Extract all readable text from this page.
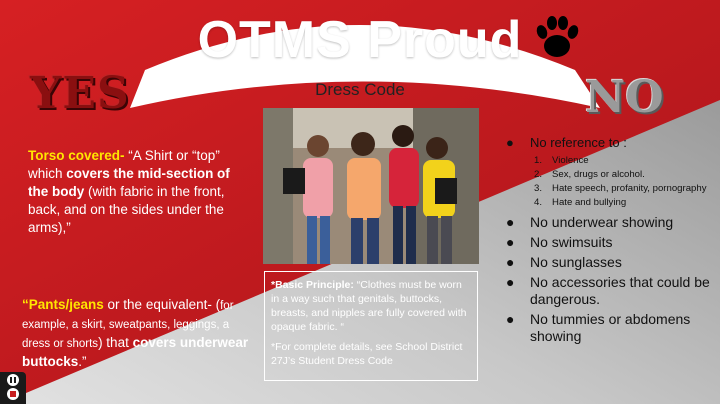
OTMS Proud
Dress Code
YES	NO
Torso covered- “A Shirt or “top” which covers the mid-section of the body (with fabric in the front, back, and on the sides under the arms),”
“Pants/jeans or the equivalent- (for example, a skirt, sweatpants, leggings, a dress or shorts) that covers underwear buttocks.”

*Basic Principle: “Clothes must be worn in a way such that genitals, buttocks, breasts, and nipples are fully covered with opaque fabric. “

*For complete details, see School District 27J’s Student Dress Code

● No reference to :
1. Violence
2. Sex, drugs or alcohol.
3. Hate speech, profanity, pornography
4. Hate and bullying
● No underwear showing
● No swimsuits
● No sunglasses
● No accessories that could be dangerous.
● No tummies or abdomens showing
